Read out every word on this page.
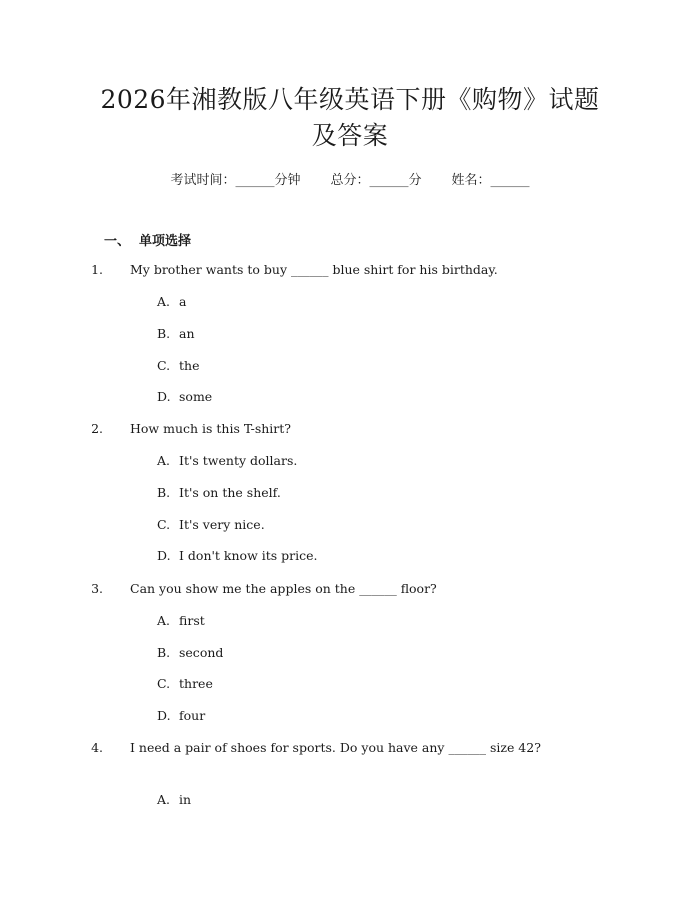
2026年湘教版八年级英语下册《购物》试题
及答案
考试时间：______分钟 总分：______分 姓名：______
一、  单项选择
1. My brother wants to buy ______ blue shirt for his birthday.
A. a
B. an
C. the
D. some
2. How much is this T-shirt?
A. It's twenty dollars.
B. It's on the shelf.
C. It's very nice.
D. I don't know its price.
3. Can you show me the apples on the ______ floor?
A. first
B. second
C. three
D. four
4. I need a pair of shoes for sports. Do you have any ______ size 42?
A. in
